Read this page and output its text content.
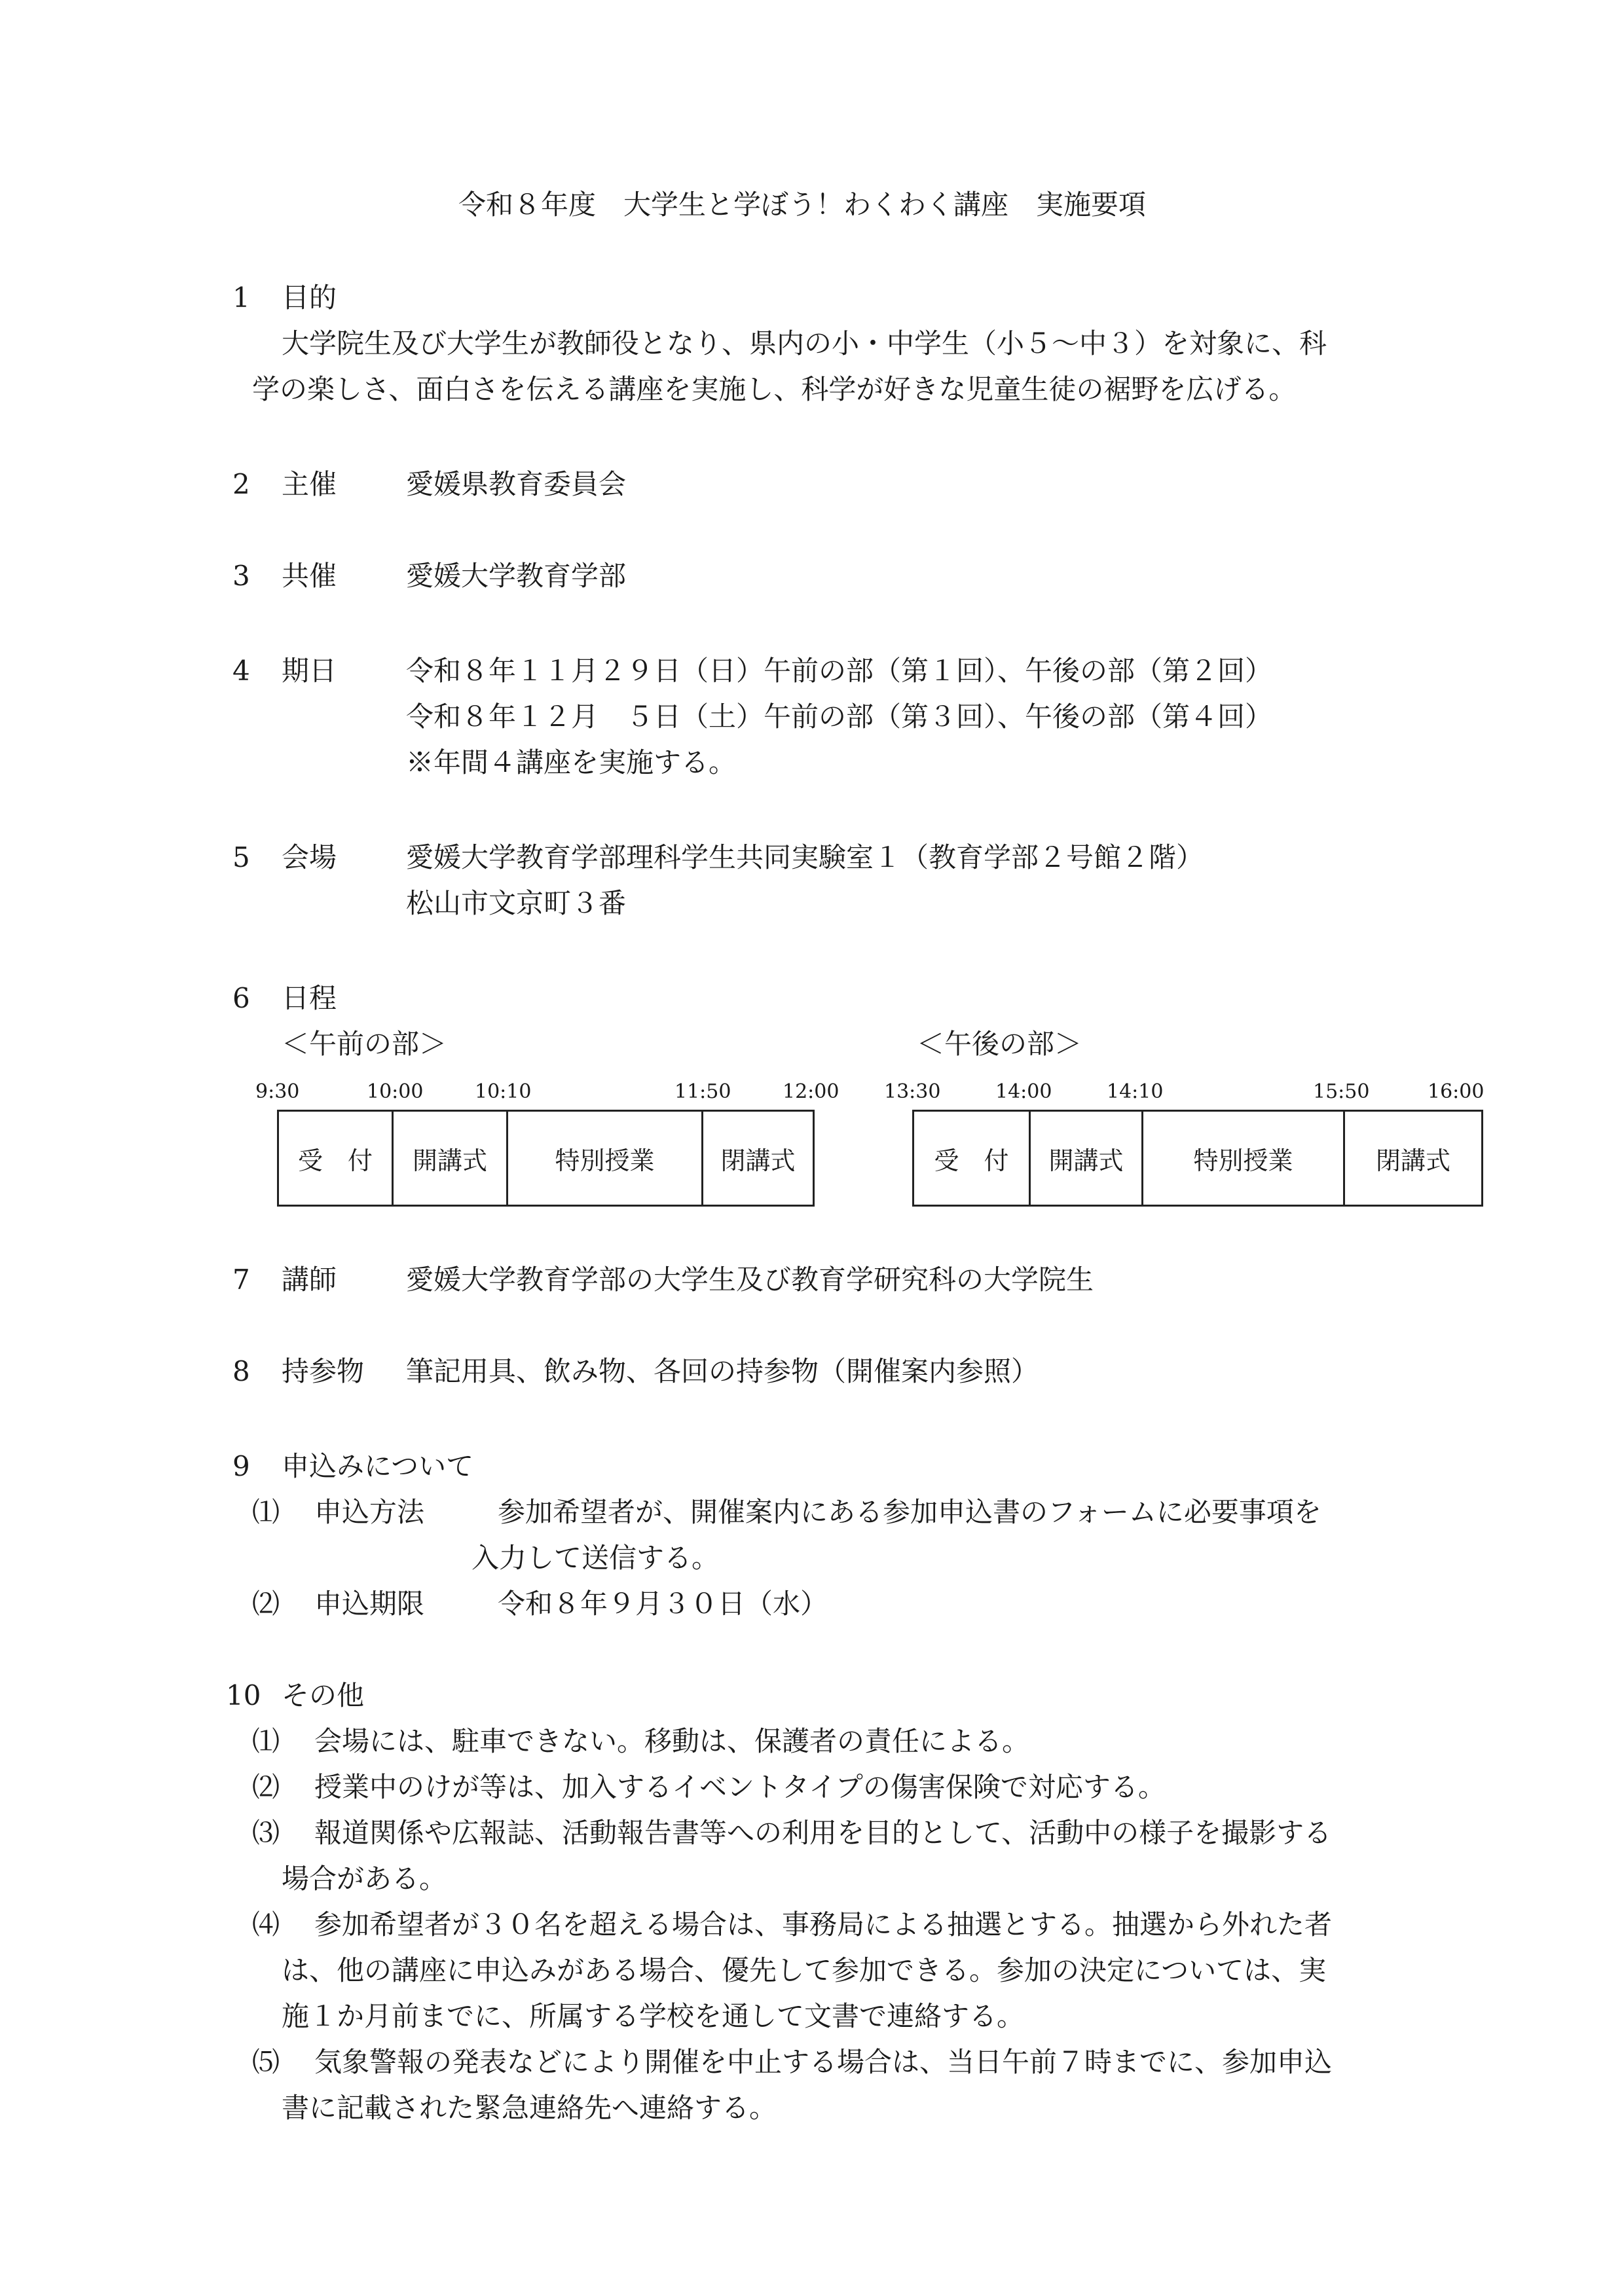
令和８年度　大学生と学ぼう！わくわく講座　実施要項
1 目的
大学院生及び大学生が教師役となり、県内の小・中学生（小５～中３）を対象に、科
学の楽しさ、面白さを伝える講座を実施し、科学が好きな児童生徒の裾野を広げる。
2 主催	愛媛県教育委員会
3 共催	愛媛大学教育学部
4 期日	令和８年１１月２９日（日）午前の部（第１回）、午後の部（第２回）
令和８年１２月　５日（土）午前の部（第３回）、午後の部（第４回）
※年間４講座を実施する。
5 会場	愛媛大学教育学部理科学生共同実験室１（教育学部２号館２階）
松山市文京町３番
6 日程
＜午前の部＞
9:30	10:00	10:10	11:50	12:00
受　付	開講式	特別授業	閉講式
＜午後の部＞
13:30	14:00	14:10	15:50	16:00
受　付	開講式	特別授業	閉講式
7 講師	愛媛大学教育学部の大学生及び教育学研究科の大学院生
8 持参物 筆記用具、飲み物、各回の持参物（開催案内参照）
9 申込みについて
⑴ 申込方法	参加希望者が、開催案内にある参加申込書のフォームに必要事項を
入力して送信する。
⑵ 申込期限	令和８年９月３０日（水）
10 その他
⑴ 会場には、駐車できない。移動は、保護者の責任による。
⑵ 授業中のけが等は、加入するイベントタイプの傷害保険で対応する。
⑶ 報道関係や広報誌、活動報告書等への利用を目的として、活動中の様子を撮影する
場合がある。
⑷ 参加希望者が３０名を超える場合は、事務局による抽選とする。抽選から外れた者
は、他の講座に申込みがある場合、優先して参加できる。参加の決定については、実
施１か月前までに、所属する学校を通して文書で連絡する。
⑸ 気象警報の発表などにより開催を中止する場合は、当日午前７時までに、参加申込
書に記載された緊急連絡先へ連絡する。
